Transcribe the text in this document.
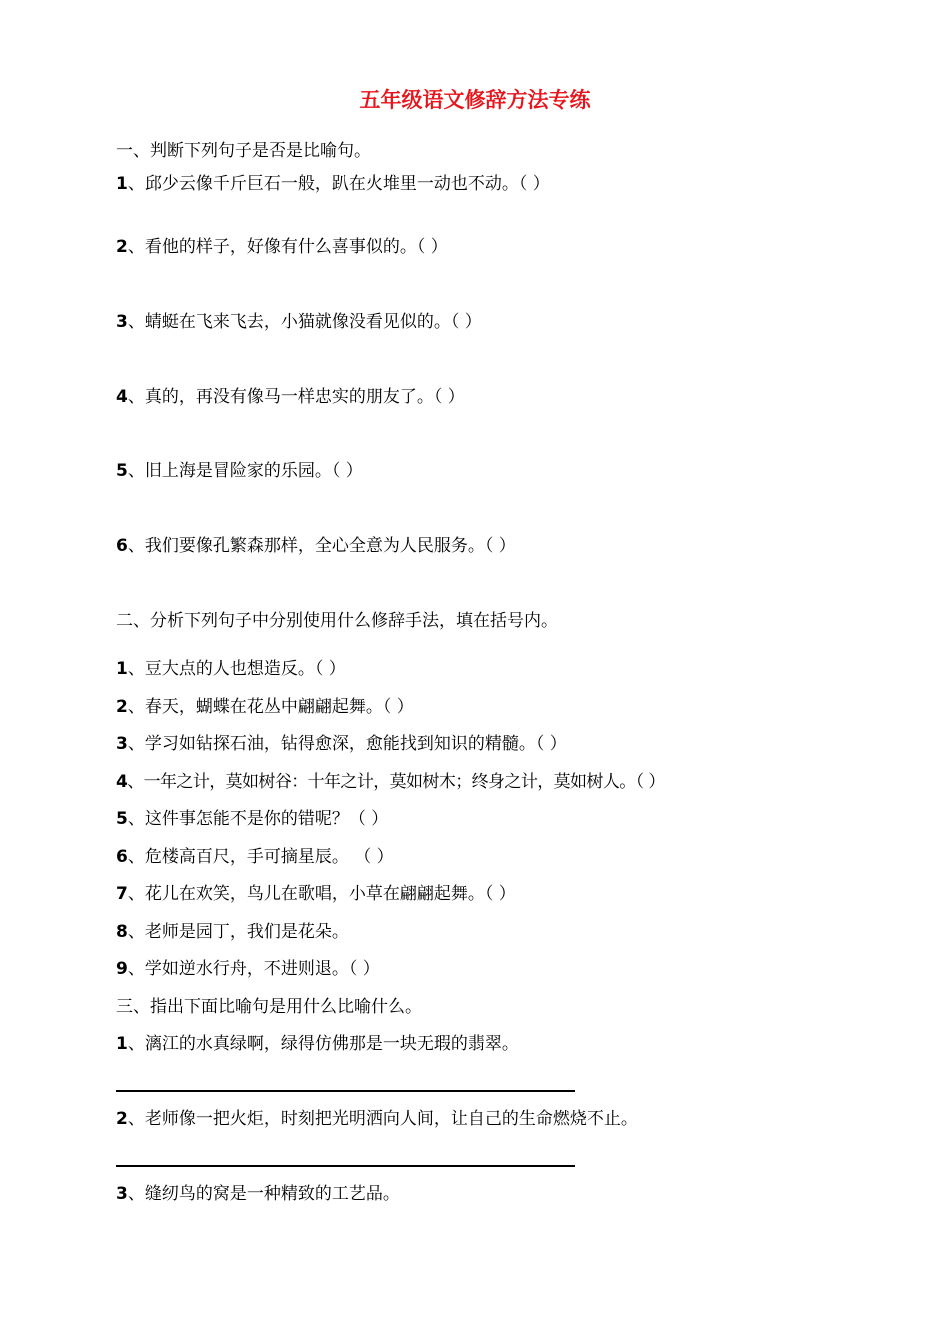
五年级语文修辞方法专练
一、判断下列句子是否是比喻句。
1、邱少云像千斤巨石一般，趴在火堆里一动也不动。（ ）
2、看他的样子，好像有什么喜事似的。（ ）
3、蜻蜓在飞来飞去，小猫就像没看见似的。（ ）
4、真的，再没有像马一样忠实的朋友了。（ ）
5、旧上海是冒险家的乐园。（ ）
6、我们要像孔繁森那样，全心全意为人民服务。（ ）
二、分析下列句子中分别使用什么修辞手法，填在括号内。
1、豆大点的人也想造反。（ ）
2、春天，蝴蝶在花丛中翩翩起舞。（ ）
3、学习如钻探石油，钻得愈深，愈能找到知识的精髓。（ ）
4、一年之计，莫如树谷：十年之计，莫如树木；终身之计，莫如树人。（ ）
5、这件事怎能不是你的错呢？（ ）
6、危楼高百尺，手可摘星辰。 （ ）
7、花儿在欢笑，鸟儿在歌唱，小草在翩翩起舞。（ ）
8、老师是园丁，我们是花朵。
9、学如逆水行舟，不进则退。（ ）
三、指出下面比喻句是用什么比喻什么。
1、漓江的水真绿啊，绿得仿佛那是一块无瑕的翡翠。
2、老师像一把火炬，时刻把光明洒向人间，让自己的生命燃烧不止。
3、缝纫鸟的窝是一种精致的工艺品。
